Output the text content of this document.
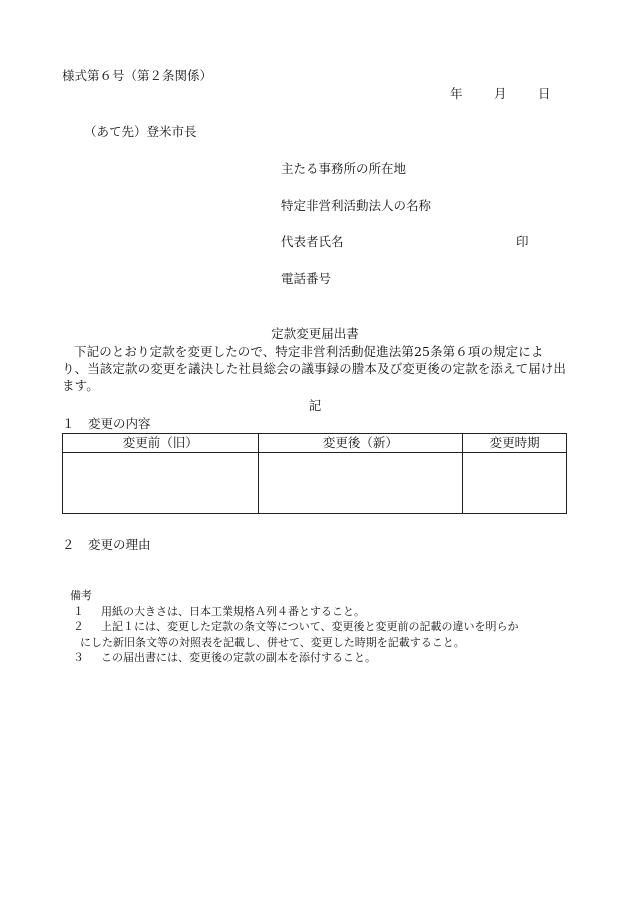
様式第６号（第２条関係）
年	月	日
（あて先）登米市長
主たる事務所の所在地
特定非営利活動法人の名称
代表者氏名	印
電話番号
定款変更届出書
下記のとおり定款を変更したので、特定非営利活動促進法第25条第６項の規定により、当該定款の変更を議決した社員総会の議事録の謄本及び変更後の定款を添えて届け出ます。
記
１ 変更の内容
変更前（旧）	変更後（新）	変更時期

２ 変更の理由
備考
１ 用紙の大きさは、日本工業規格Ａ列４番とすること。
２ 上記１には、変更した定款の条文等について、変更後と変更前の記載の違いを明らか
にした新旧条文等の対照表を記載し、併せて、変更した時期を記載すること。
３ この届出書には、変更後の定款の副本を添付すること。
